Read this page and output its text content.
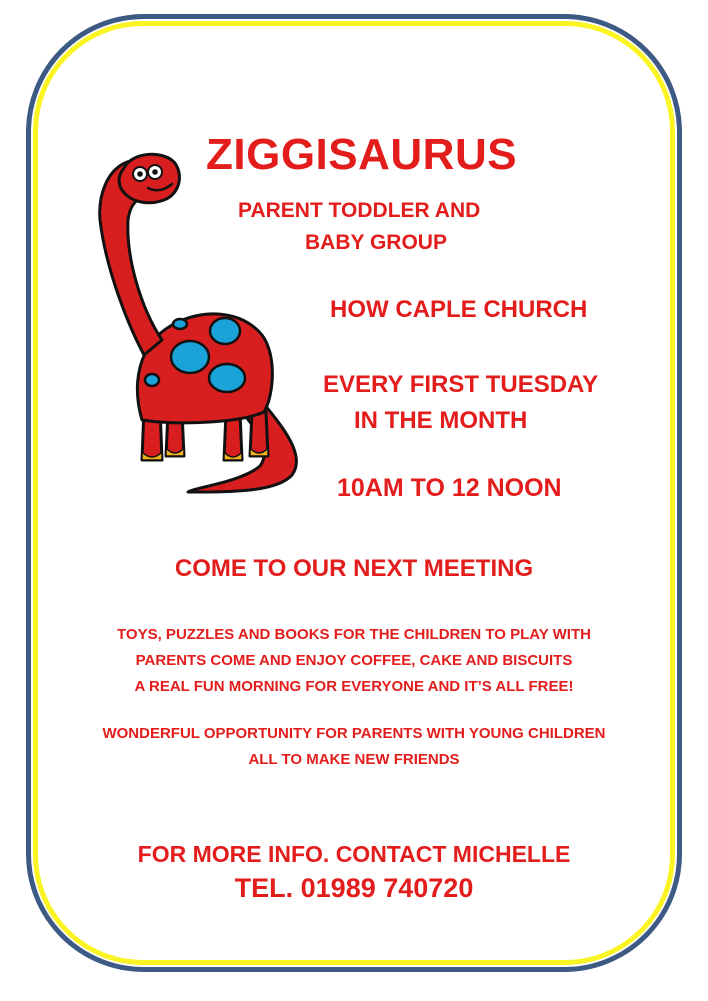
ZIGGISAURUS
PARENT TODDLER AND
BABY GROUP
HOW CAPLE CHURCH
EVERY FIRST TUESDAY
IN THE MONTH
10AM TO 12 NOON
COME TO OUR NEXT MEETING
TOYS, PUZZLES AND BOOKS FOR THE CHILDREN TO PLAY WITH
PARENTS COME AND ENJOY COFFEE, CAKE AND BISCUITS
A REAL FUN MORNING FOR EVERYONE AND IT’S ALL FREE!
WONDERFUL OPPORTUNITY FOR PARENTS WITH YOUNG CHILDREN
ALL TO MAKE NEW FRIENDS
FOR MORE INFO. CONTACT MICHELLE
TEL. 01989 740720
